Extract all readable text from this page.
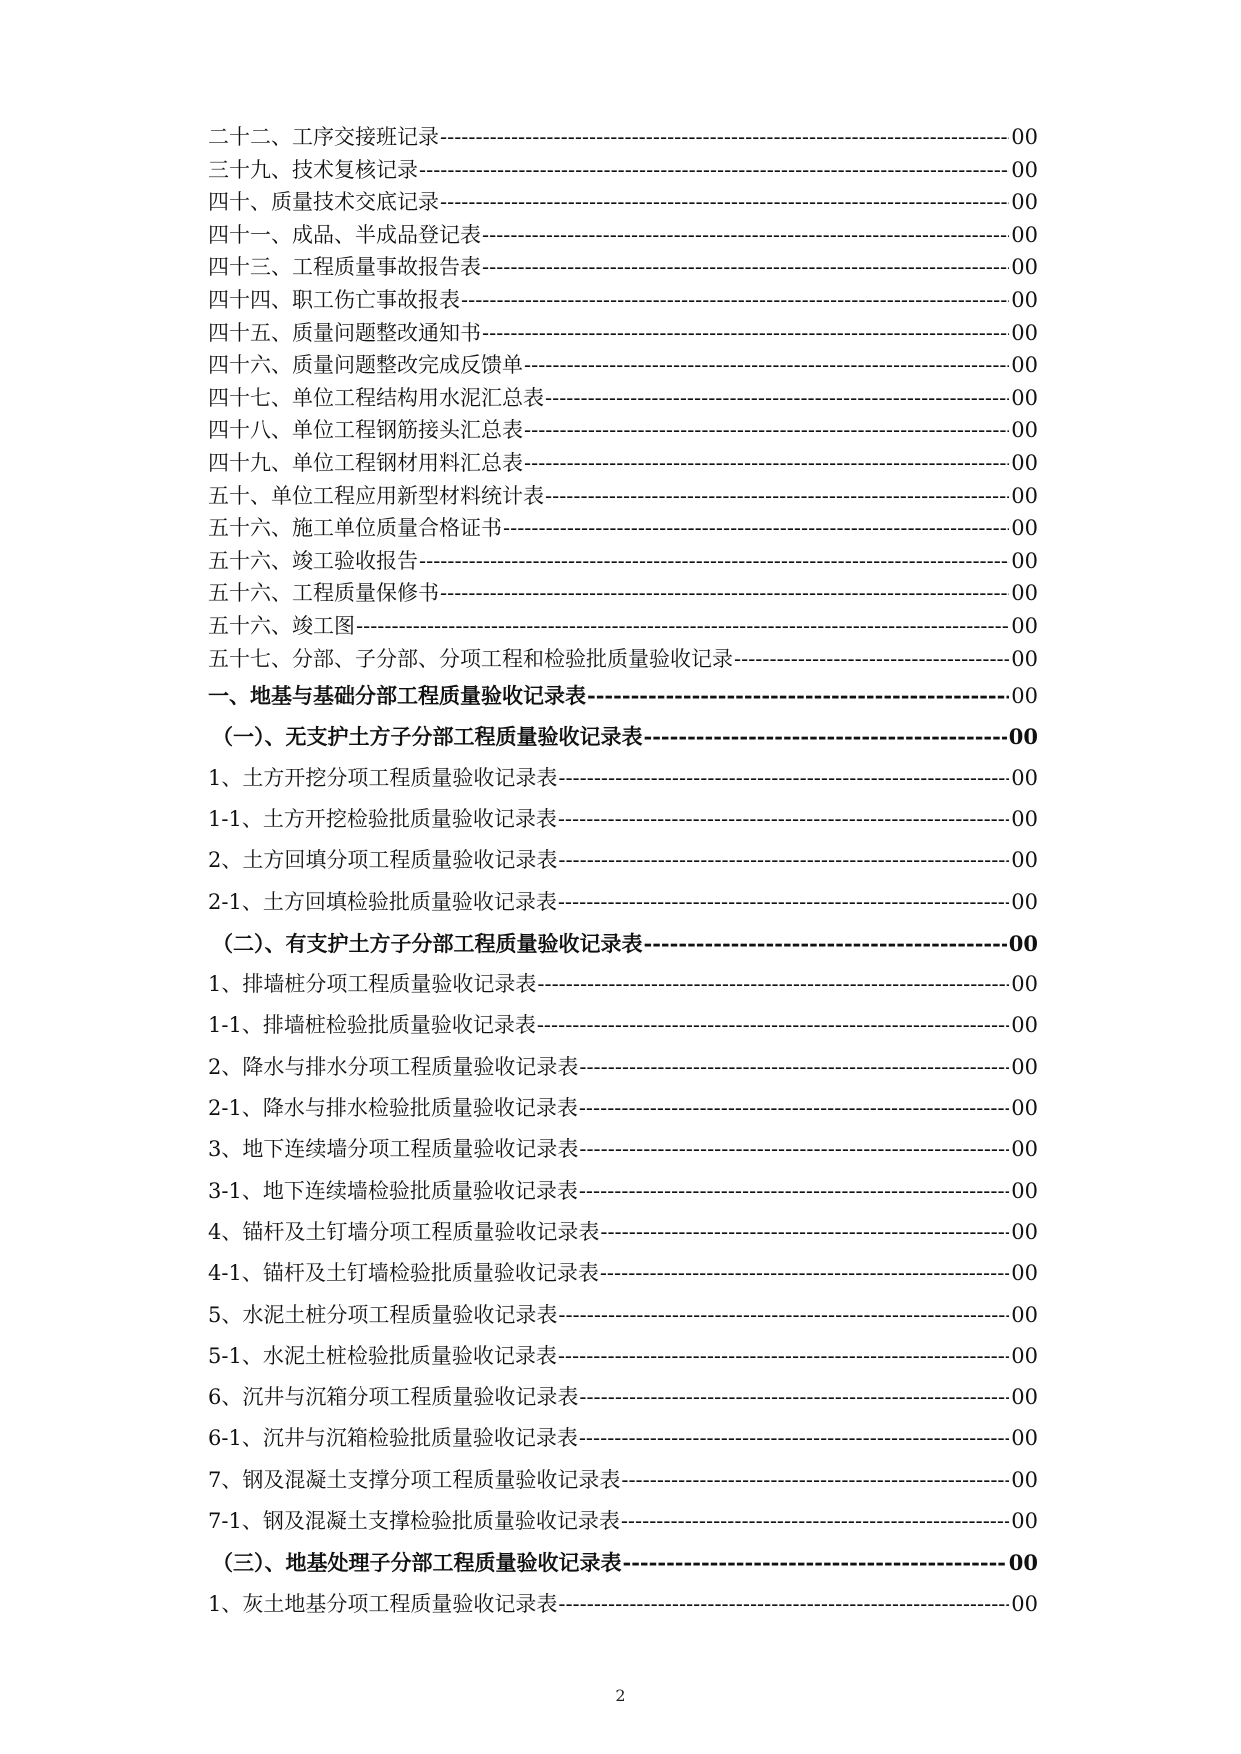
二十二、工序交接班记录 -----	00
三十九、技术复核记录 -----	00
四十、质量技术交底记录 -----	00
四十一、成品、半成品登记表 -----	00
四十三、工程质量事故报告表 -----	00
四十四、职工伤亡事故报表 -----	00
四十五、质量问题整改通知书 -----	00
四十六、质量问题整改完成反馈单 -----	00
四十七、单位工程结构用水泥汇总表 -----	00
四十八、单位工程钢筋接头汇总表 -----	00
四十九、单位工程钢材用料汇总表 -----	00
五十、单位工程应用新型材料统计表 -----	00
五十六、施工单位质量合格证书 -----	00
五十六、竣工验收报告 -----	00
五十六、工程质量保修书 -----	00
五十六、竣工图 -----	00
五十七、分部、子分部、分项工程和检验批质量验收记录 -----	00
一、地基与基础分部工程质量验收记录表 -----	00
（一）、无支护土方子分部工程质量验收记录表 -----	00
1、土方开挖分项工程质量验收记录表 -----	00
1-1、土方开挖检验批质量验收记录表 -----	00
2、土方回填分项工程质量验收记录表 -----	00
2-1、土方回填检验批质量验收记录表 -----	00
（二）、有支护土方子分部工程质量验收记录表 -----	00
1、排墙桩分项工程质量验收记录表 -----	00
1-1、排墙桩检验批质量验收记录表 -----	00
2、降水与排水分项工程质量验收记录表 -----	00
2-1、降水与排水检验批质量验收记录表 -----	00
3、地下连续墙分项工程质量验收记录表 -----	00
3-1、地下连续墙检验批质量验收记录表 -----	00
4、锚杆及土钉墙分项工程质量验收记录表 -----	00
4-1、锚杆及土钉墙检验批质量验收记录表 -----	00
5、水泥土桩分项工程质量验收记录表 -----	00
5-1、水泥土桩检验批质量验收记录表 -----	00
6、沉井与沉箱分项工程质量验收记录表 -----	00
6-1、沉井与沉箱检验批质量验收记录表 -----	00
7、钢及混凝土支撑分项工程质量验收记录表 -----	00
7-1、钢及混凝土支撑检验批质量验收记录表 -----	00
（三）、地基处理子分部工程质量验收记录表 -----	00
1、灰土地基分项工程质量验收记录表 -----	00
2
